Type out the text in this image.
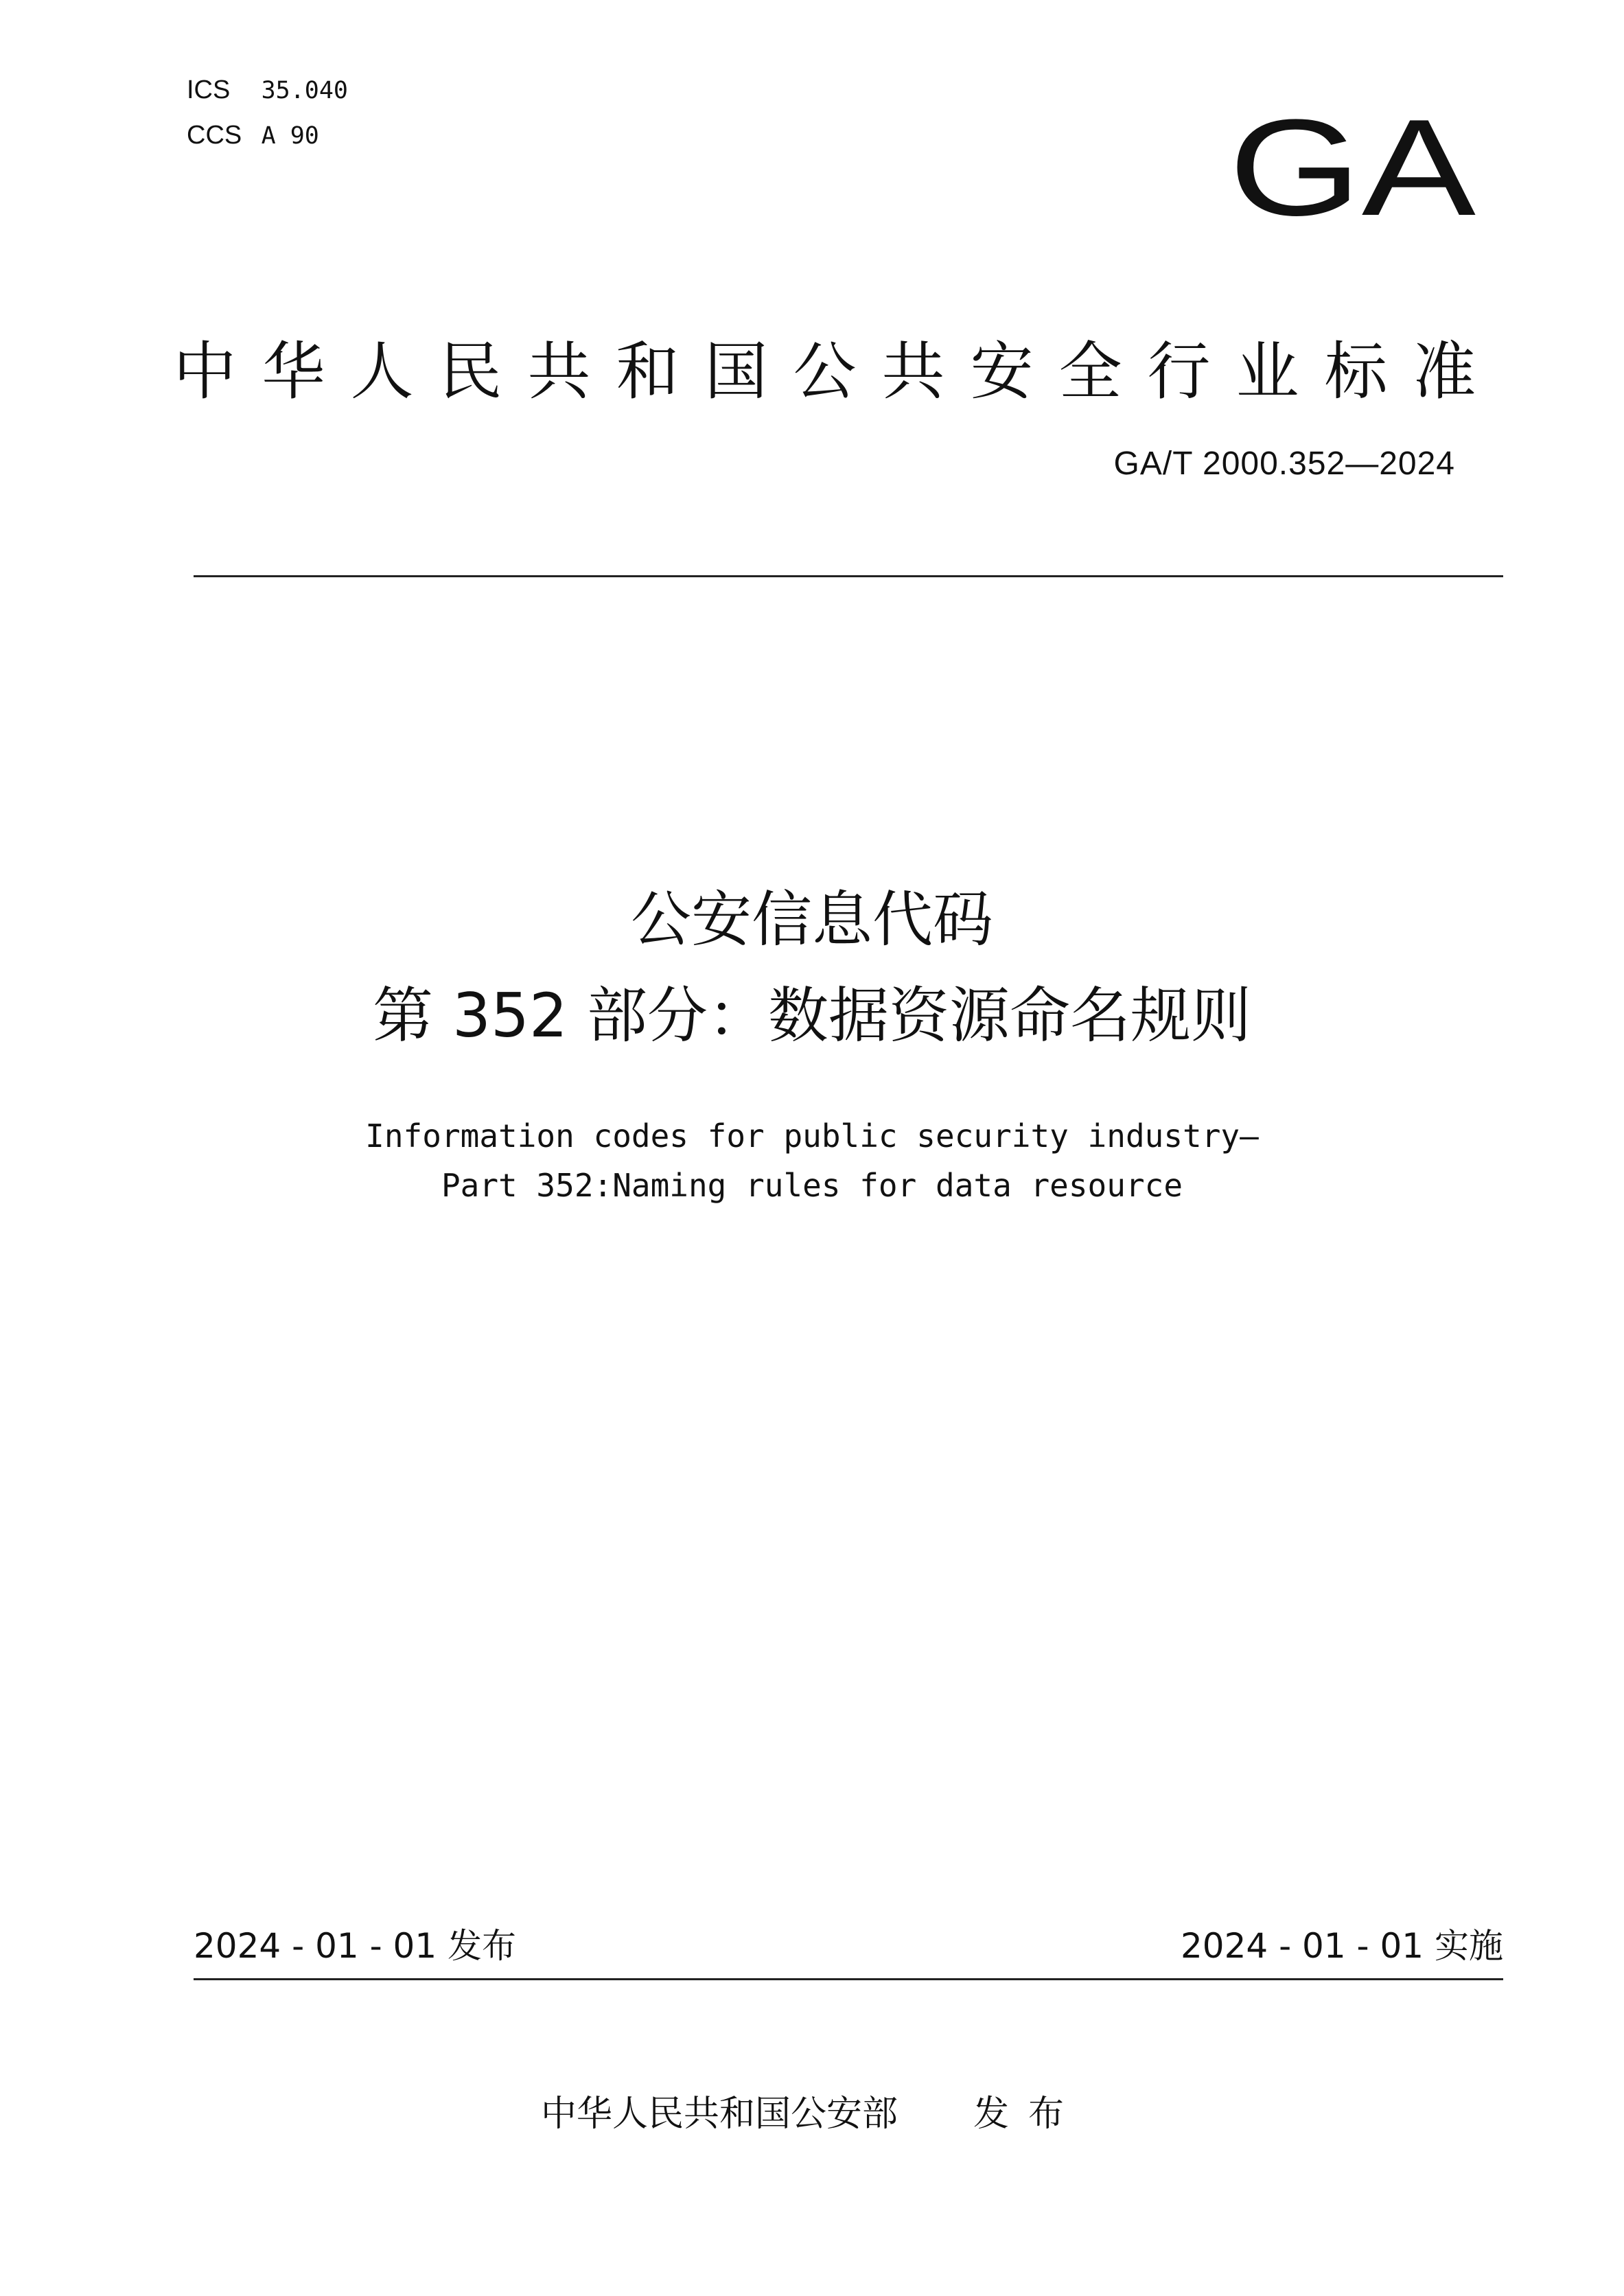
ICS 35.040
CCS A 90	GA
中华人民共和国公共安全行业标准
GA/T 2000.352—2024
公安信息代码
第 352 部分：数据资源命名规则
Information codes for public security industry—
Part 352:Naming rules for data resource
2024 - 01 - 01 发布	2024 - 01 - 01 实施
中华人民共和国公安部 发布
